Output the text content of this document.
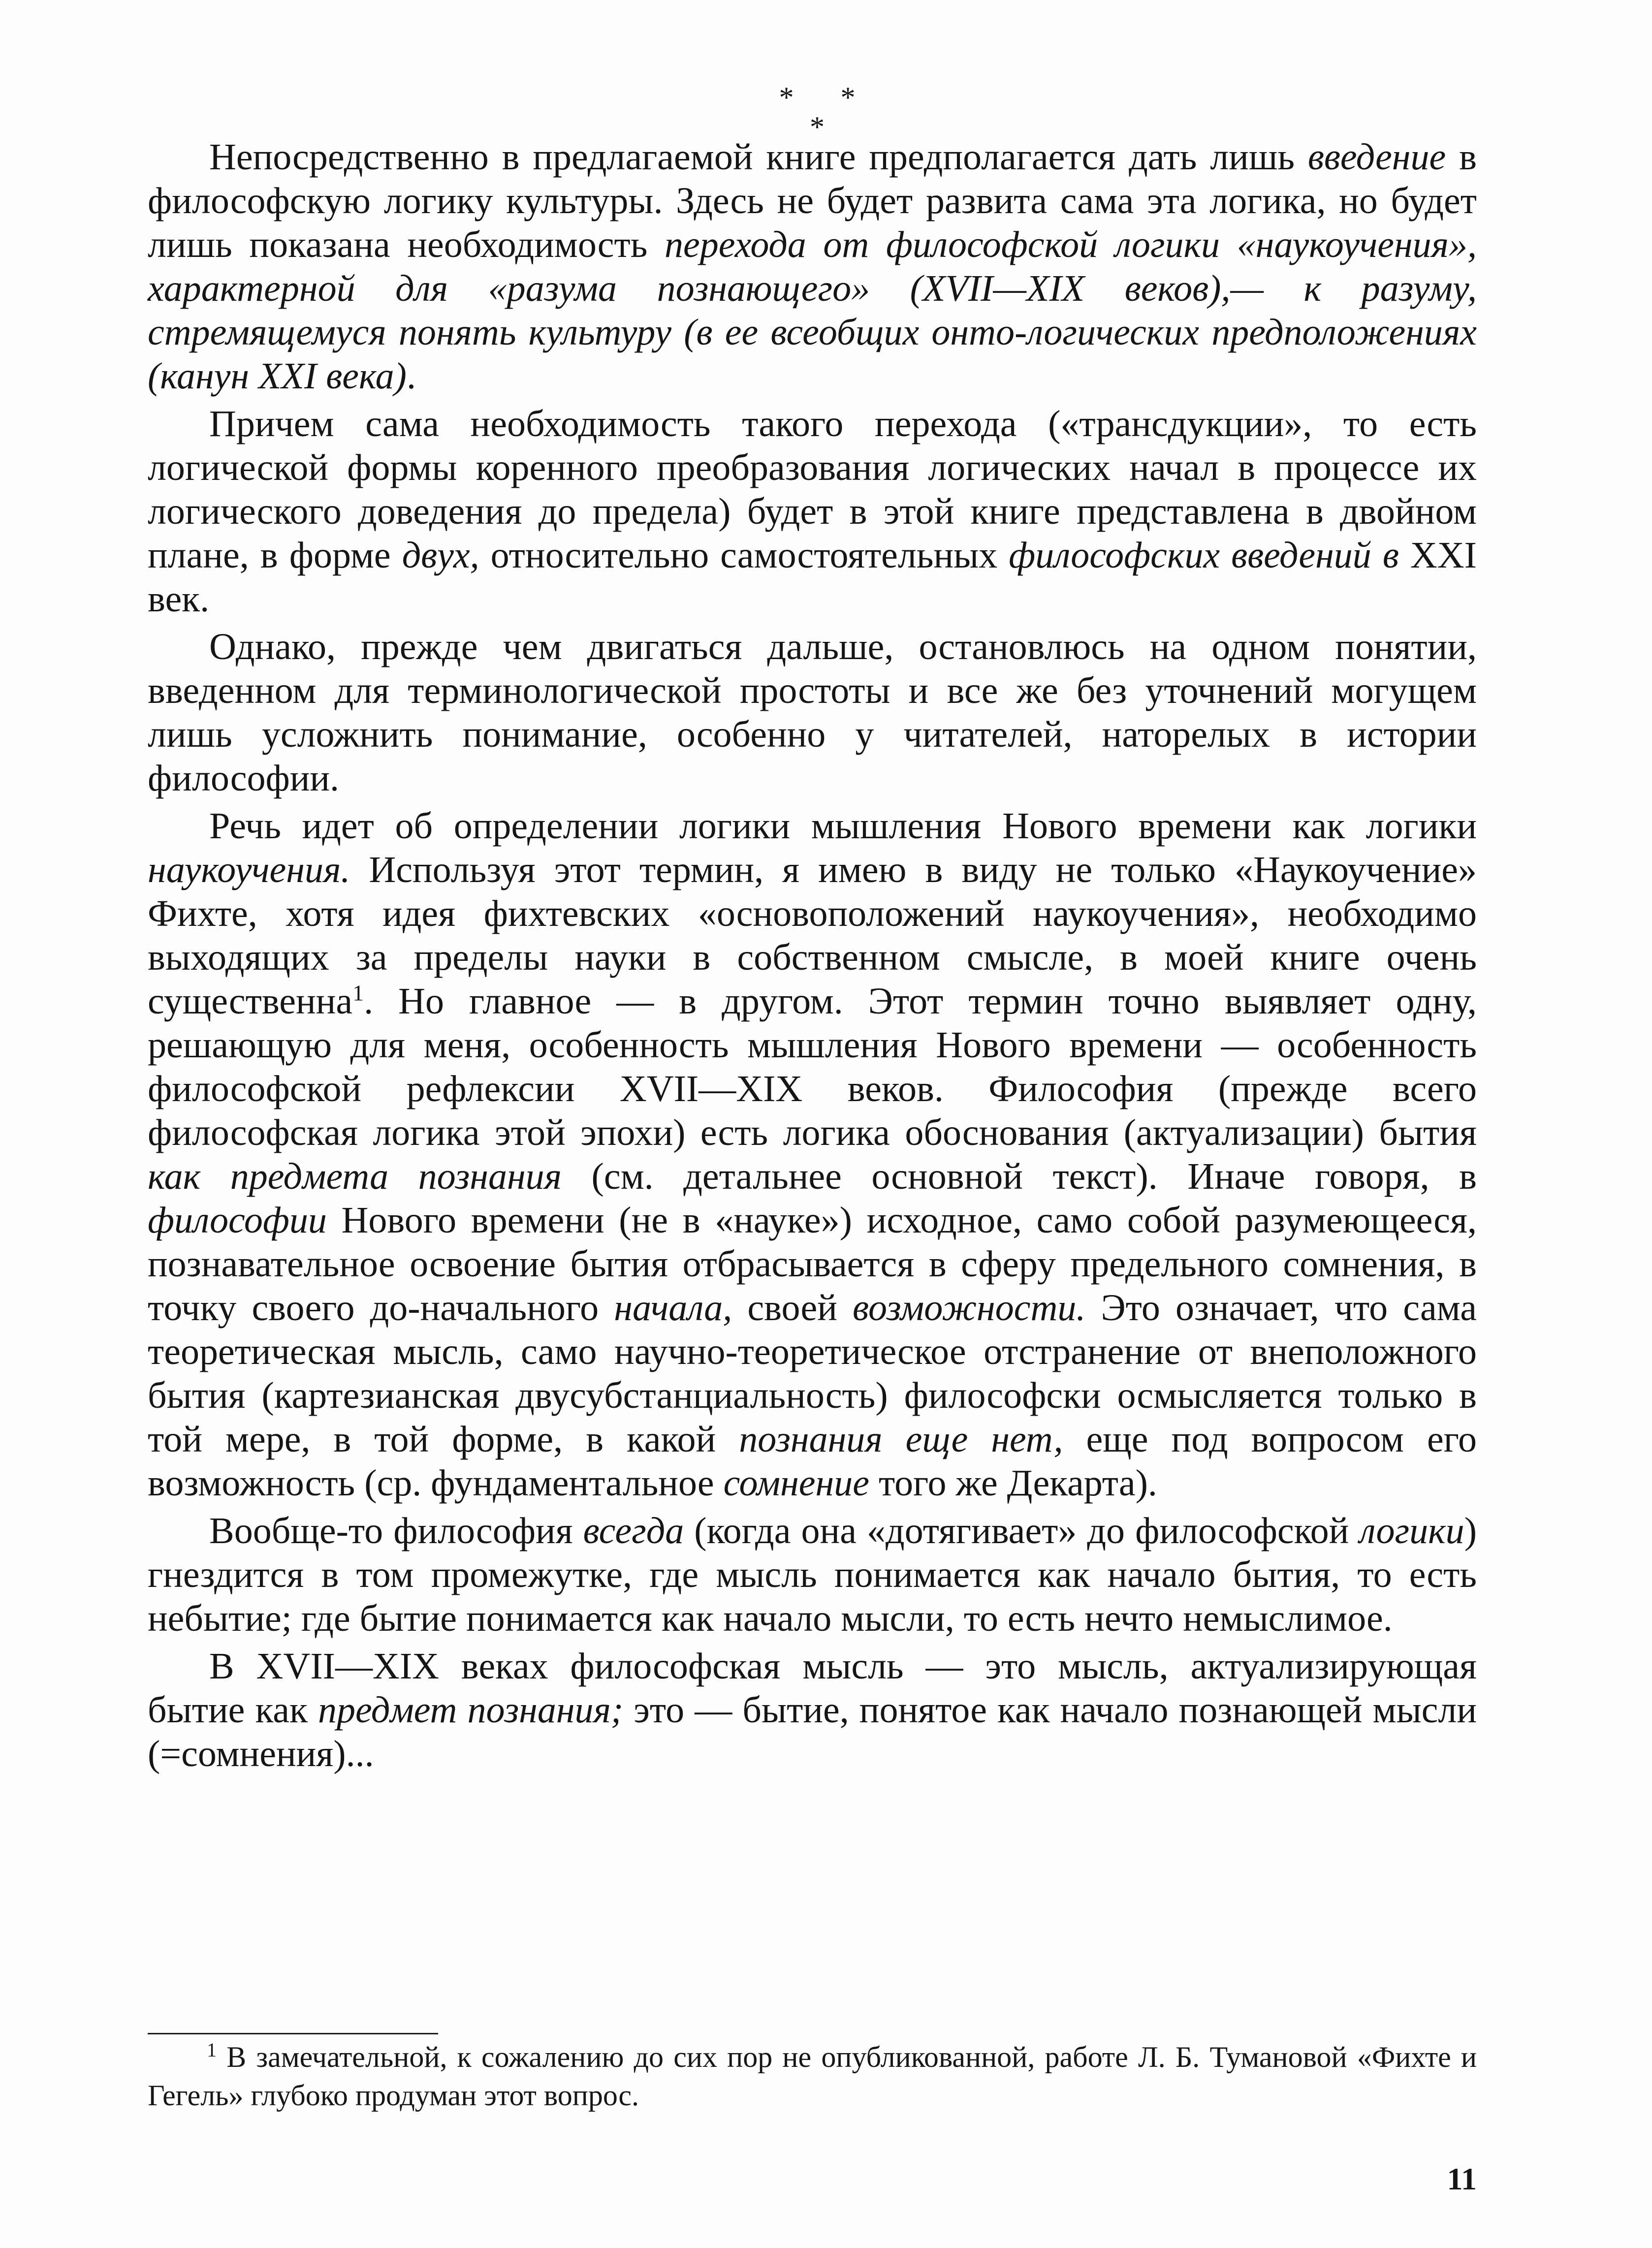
* * *

Непосредственно в предлагаемой книге предполагается дать лишь введение в философскую логику культуры. Здесь не будет развита сама эта логика, но будет лишь показана необходимость перехода от философской логики «наукоучения», характерной для «разума познающего» (XVII—XIX веков),— к разуму, стремящемуся понять культуру (в ее всеобщих онто-логических предположениях (канун XXI века).

Причем сама необходимость такого перехода («трансдукции», то есть логической формы коренного преобразования логических начал в процессе их логического доведения до предела) будет в этой книге представлена в двойном плане, в форме двух, относительно самостоятельных философских введений в XXI век.

Однако, прежде чем двигаться дальше, остановлюсь на одном понятии, введенном для терминологической простоты и все же без уточнений могущем лишь усложнить понимание, особенно у читателей, наторелых в истории философии.

Речь идет об определении логики мышления Нового времени как логики наукоучения. Используя этот термин, я имею в виду не только «Наукоучение» Фихте, хотя идея фихтевских «основоположений наукоучения», необходимо выходящих за пределы науки в собственном смысле, в моей книге очень существенна$^1$. Но главное — в другом. Этот термин точно выявляет одну, решающую для меня, особенность мышления Нового времени — особенность философской рефлексии XVII—XIX веков. Философия (прежде всего философская логика этой эпохи) есть логика обоснования (актуализации) бытия как предмета познания (см. детальнее основной текст). Иначе говоря, в философии Нового времени (не в «науке») исходное, само собой разумеющееся, познавательное освоение бытия отбрасывается в сферу предельного сомнения, в точку своего до-начального начала, своей возможности. Это означает, что сама теоретическая мысль, само научно-теоретическое отстранение от внеположного бытия (картезианская двусубстанциальность) философски осмысляется только в той мере, в той форме, в какой познания еще нет, еще под вопросом его возможность (ср. фундаментальное сомнение того же Декарта).

Вообще-то философия всегда (когда она «дотягивает» до философской логики) гнездится в том промежутке, где мысль понимается как начало бытия, то есть небытие; где бытие понимается как начало мысли, то есть нечто немыслимое.

В XVII—XIX веках философская мысль — это мысль, актуализирующая бытие как предмет познания; это — бытие, понятое как начало познающей мысли (=сомнения)...

$^1$ В замечательной, к сожалению до сих пор не опубликованной, работе Л. Б. Тумановой «Фихте и Гегель» глубоко продуман этот вопрос.

11
